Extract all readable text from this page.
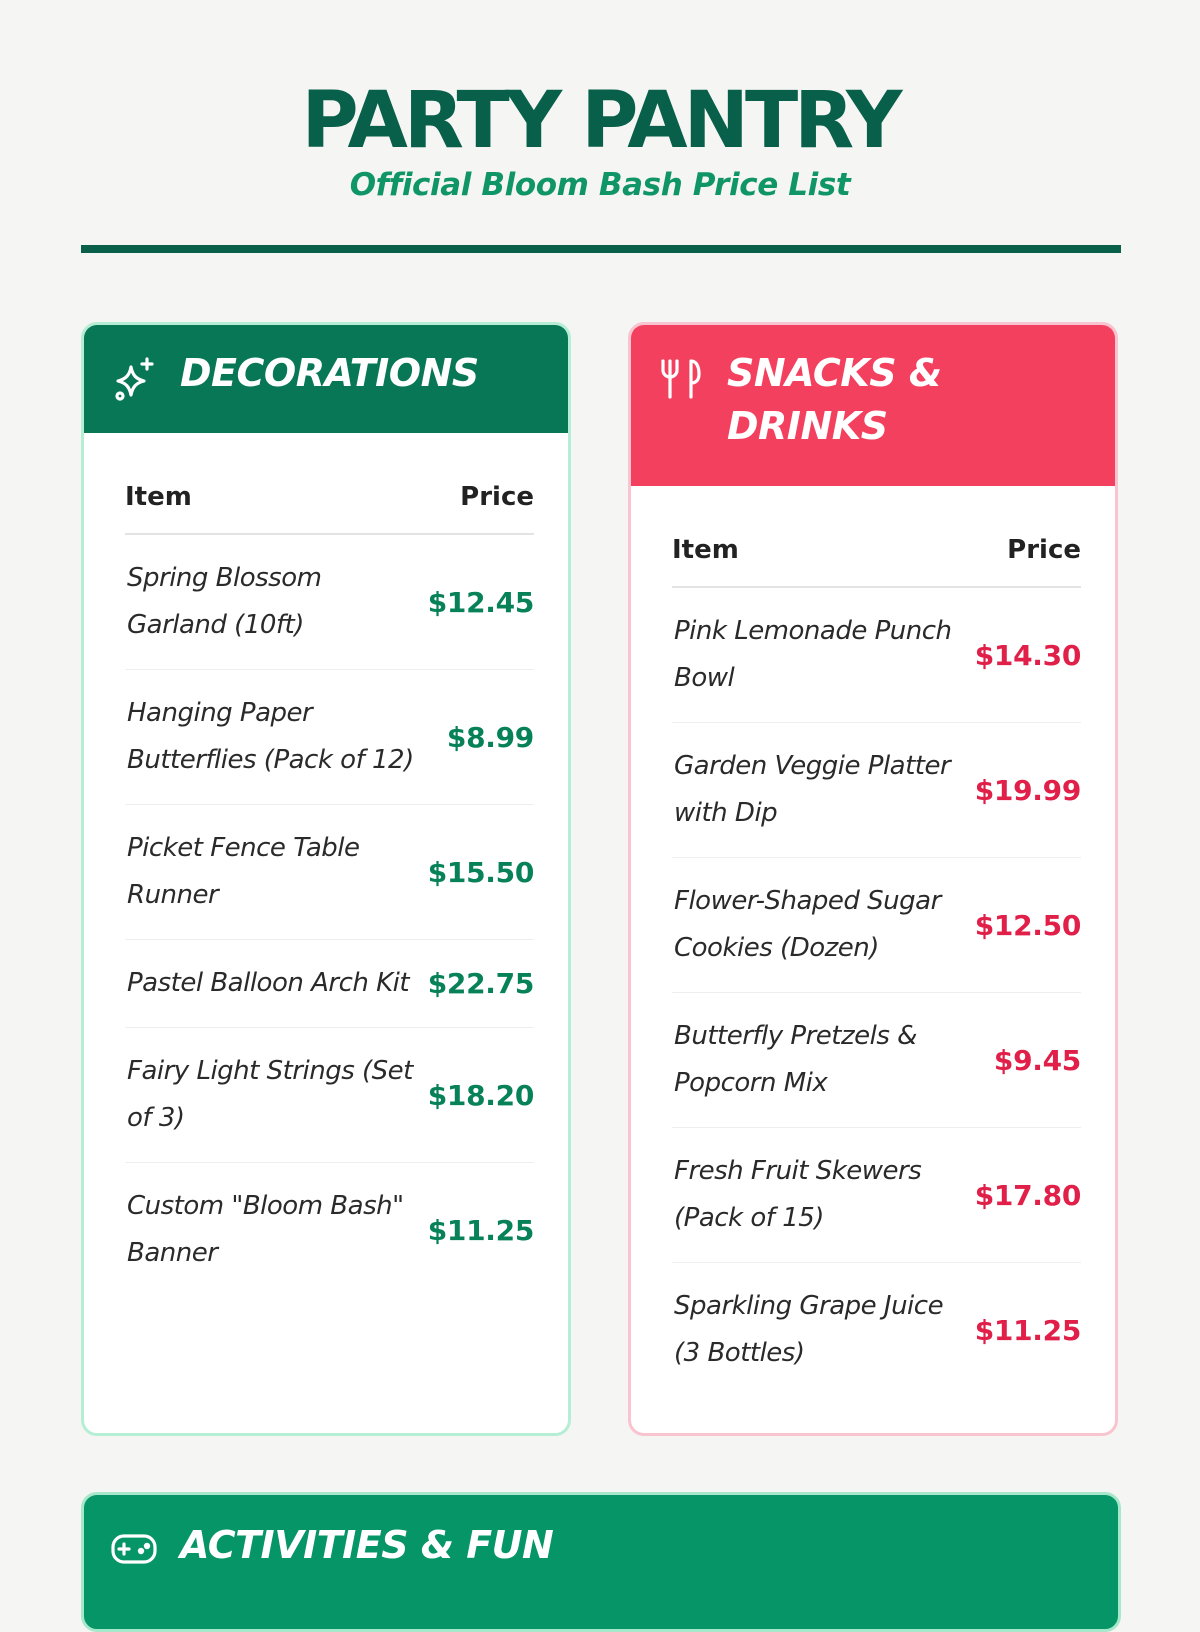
PARTY PANTRY

Official Bloom Bash Price List

DECORATIONS
Item	Price
Spring Blossom Garland (10ft)	$12.45
Hanging Paper Butterflies (Pack of 12)	$8.99
Picket Fence Table Runner	$15.50
Pastel Balloon Arch Kit	$22.75
Fairy Light Strings (Set of 3)	$18.20
Custom "Bloom Bash" Banner	$11.25
SNACKS & DRINKS
Item	Price
Pink Lemonade Punch Bowl	$14.30
Garden Veggie Platter with Dip	$19.99
Flower-Shaped Sugar Cookies (Dozen)	$12.50
Butterfly Pretzels & Popcorn Mix	$9.45
Fresh Fruit Skewers (Pack of 15)	$17.80
Sparkling Grape Juice (3 Bottles)	$11.25
ACTIVITIES & FUN
